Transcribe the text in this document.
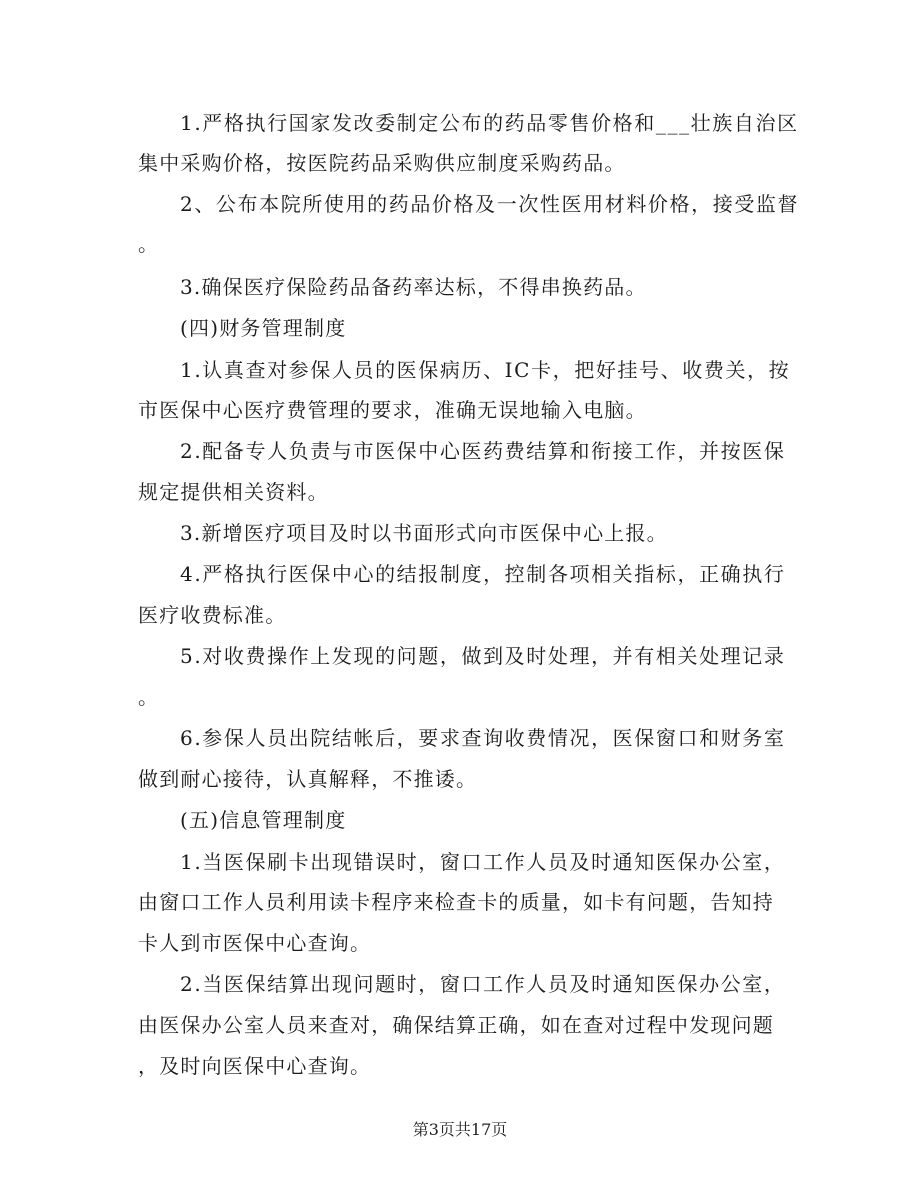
1.严格执行国家发改委制定公布的药品零售价格和___壮族自治区
集中采购价格，按医院药品采购供应制度采购药品。
2、公布本院所使用的药品价格及一次性医用材料价格，接受监督
。
3.确保医疗保险药品备药率达标，不得串换药品。
(四)财务管理制度
1.认真查对参保人员的医保病历、IC卡，把好挂号、收费关，按
市医保中心医疗费管理的要求，准确无误地输入电脑。
2.配备专人负责与市医保中心医药费结算和衔接工作，并按医保
规定提供相关资料。
3.新增医疗项目及时以书面形式向市医保中心上报。
4.严格执行医保中心的结报制度，控制各项相关指标，正确执行
医疗收费标准。
5.对收费操作上发现的问题，做到及时处理，并有相关处理记录
。
6.参保人员出院结帐后，要求查询收费情况，医保窗口和财务室
做到耐心接待，认真解释，不推诿。
(五)信息管理制度
1.当医保刷卡出现错误时，窗口工作人员及时通知医保办公室，
由窗口工作人员利用读卡程序来检查卡的质量，如卡有问题，告知持
卡人到市医保中心查询。
2.当医保结算出现问题时，窗口工作人员及时通知医保办公室，
由医保办公室人员来查对，确保结算正确，如在查对过程中发现问题
，及时向医保中心查询。
第3页共17页
